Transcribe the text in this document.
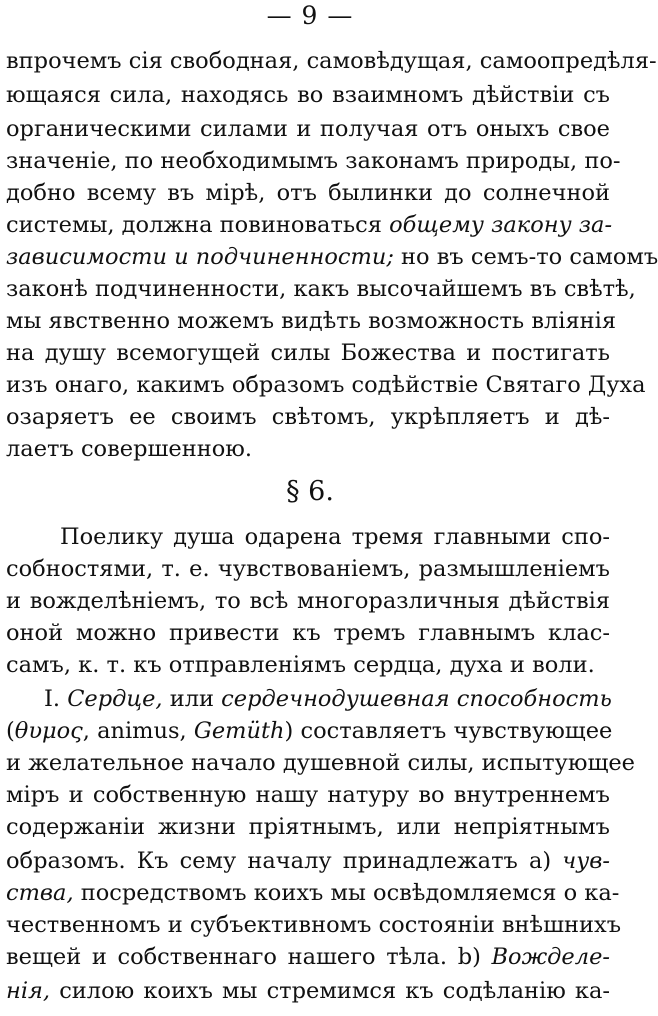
— 9 —
впрочемъ сія свободная, самовѣдущая, самоопредѣля-
ющаяся сила, находясь во взаимномъ дѣйствіи съ
органическими силами и получая отъ оныхъ свое
значеніе, по необходимымъ законамъ природы, по-
добно всему въ мірѣ, отъ былинки до солнечной
системы, должна повиноваться общему закону за-
зависимости и подчиненности; но въ семъ-то самомъ
законѣ подчиненности, какъ высочайшемъ въ свѣтѣ,
мы явственно можемъ видѣть возможность вліянія
на душу всемогущей силы Божества и постигать
изъ онаго, какимъ образомъ содѣйствіе Святаго Духа
озаряетъ ее своимъ свѣтомъ, укрѣпляетъ и дѣ-
лаетъ совершенною.
§ 6.
Поелику душа одарена тремя главными спо-
собностями, т. е. чувствованіемъ, размышленіемъ
и вожделѣніемъ, то всѣ многоразличныя дѣйствія
оной можно привести къ тремъ главнымъ клас-
самъ, к. т. къ отправленіямъ сердца, духа и воли.
I. Сердце, или сердечнодушевная способность
(θυμος, animus, Gemüth) составляетъ чувствующее
и желательное начало душевной силы, испытующее
міръ и собственную нашу натуру во внутреннемъ
содержаніи жизни пріятнымъ, или непріятнымъ
образомъ. Къ сему началу принадлежатъ а) чув-
ства, посредствомъ коихъ мы освѣдомляемся о ка-
чественномъ и субъективномъ состояніи внѣшнихъ
вещей и собственнаго нашего тѣла. b) Вожделе-
нія, силою коихъ мы стремимся къ содѣланію ка-
